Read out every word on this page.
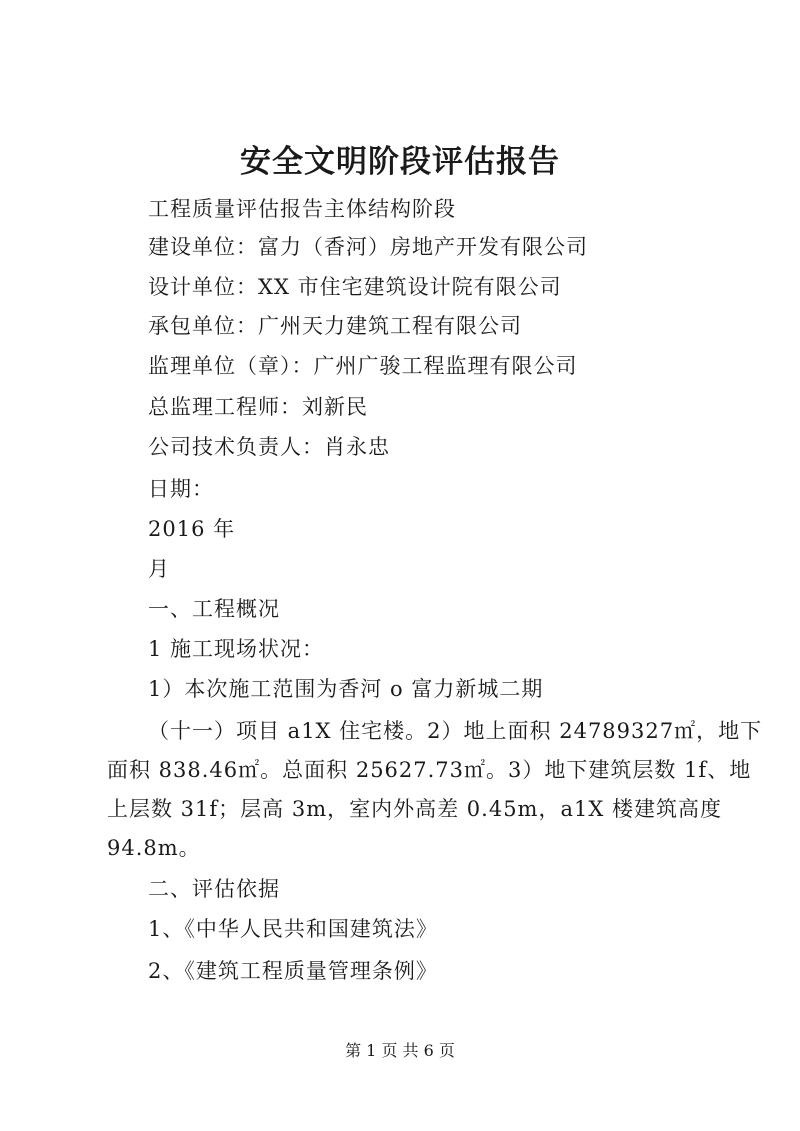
安全文明阶段评估报告
工程质量评估报告主体结构阶段
建设单位：富力（香河）房地产开发有限公司
设计单位：XX 市住宅建筑设计院有限公司
承包单位：广州天力建筑工程有限公司
监理单位（章）：广州广骏工程监理有限公司
总监理工程师：刘新民
公司技术负责人：肖永忠
日期：
2016 年
月
一、工程概况
1 施工现场状况：
1）本次施工范围为香河 o 富力新城二期
（十一）项目 a1X 住宅楼。2）地上面积 24789327㎡，地下
面积 838.46㎡。总面积 25627.73㎡。3）地下建筑层数 1f、地
上层数 31f；层高 3m，室内外高差 0.45m，a1X 楼建筑高度
94.8m。
二、评估依据
1、《中华人民共和国建筑法》
2、《建筑工程质量管理条例》
第 1 页 共 6 页
